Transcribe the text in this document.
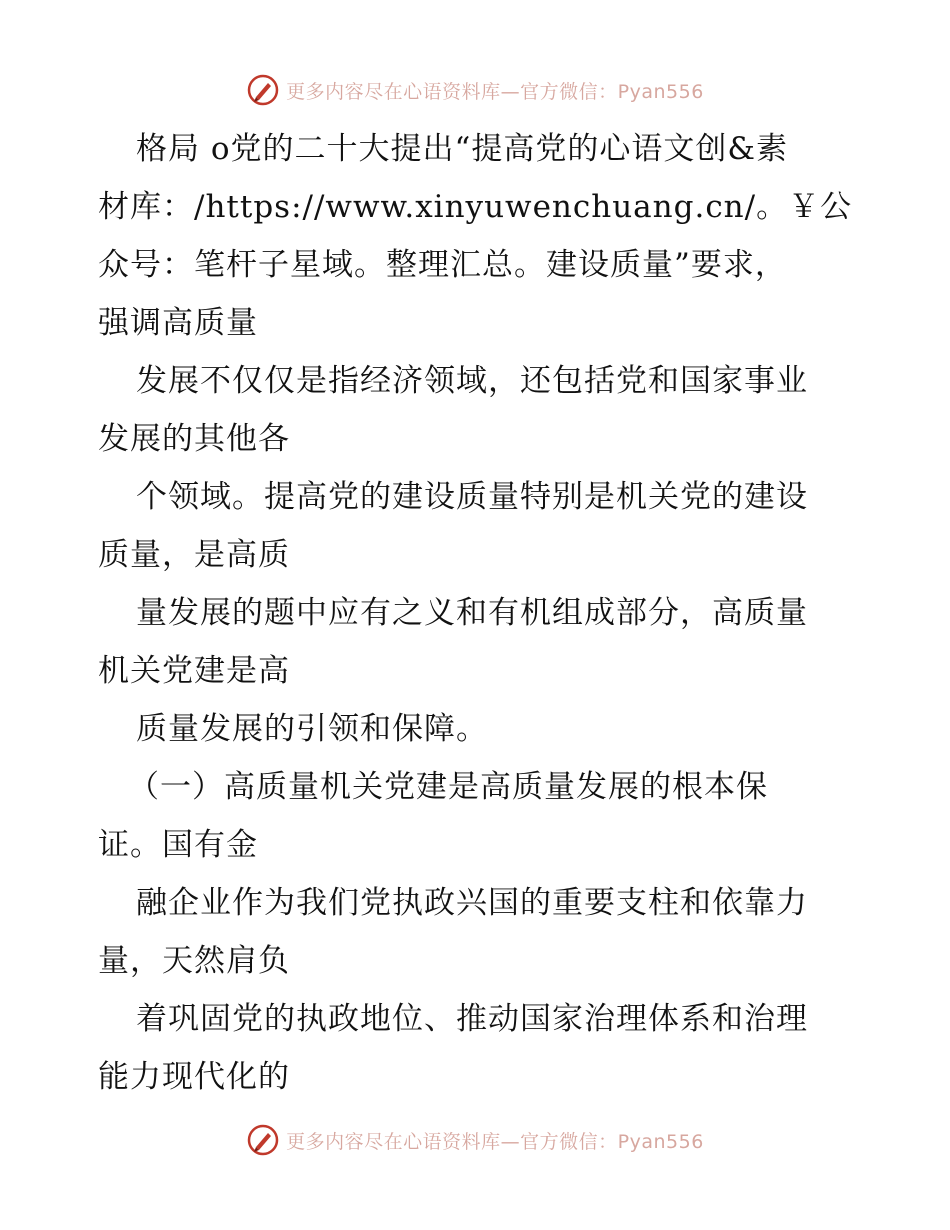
更多内容尽在心语资料库—官方微信：Pyan556
格局 o党的二十大提出“提高党的心语文创&素
材库：/https://www.xinyuwenchuang.cn/。￥公
众号：笔杆子星域。整理汇总。建设质量”要求，
强调高质量
发展不仅仅是指经济领域，还包括党和国家事业
发展的其他各
个领域。提高党的建设质量特别是机关党的建设
质量，是高质
量发展的题中应有之义和有机组成部分，高质量
机关党建是高
质量发展的引领和保障。
（一）高质量机关党建是高质量发展的根本保
证。国有金
融企业作为我们党执政兴国的重要支柱和依靠力
量，天然肩负
着巩固党的执政地位、推动国家治理体系和治理
能力现代化的
更多内容尽在心语资料库—官方微信：Pyan556
